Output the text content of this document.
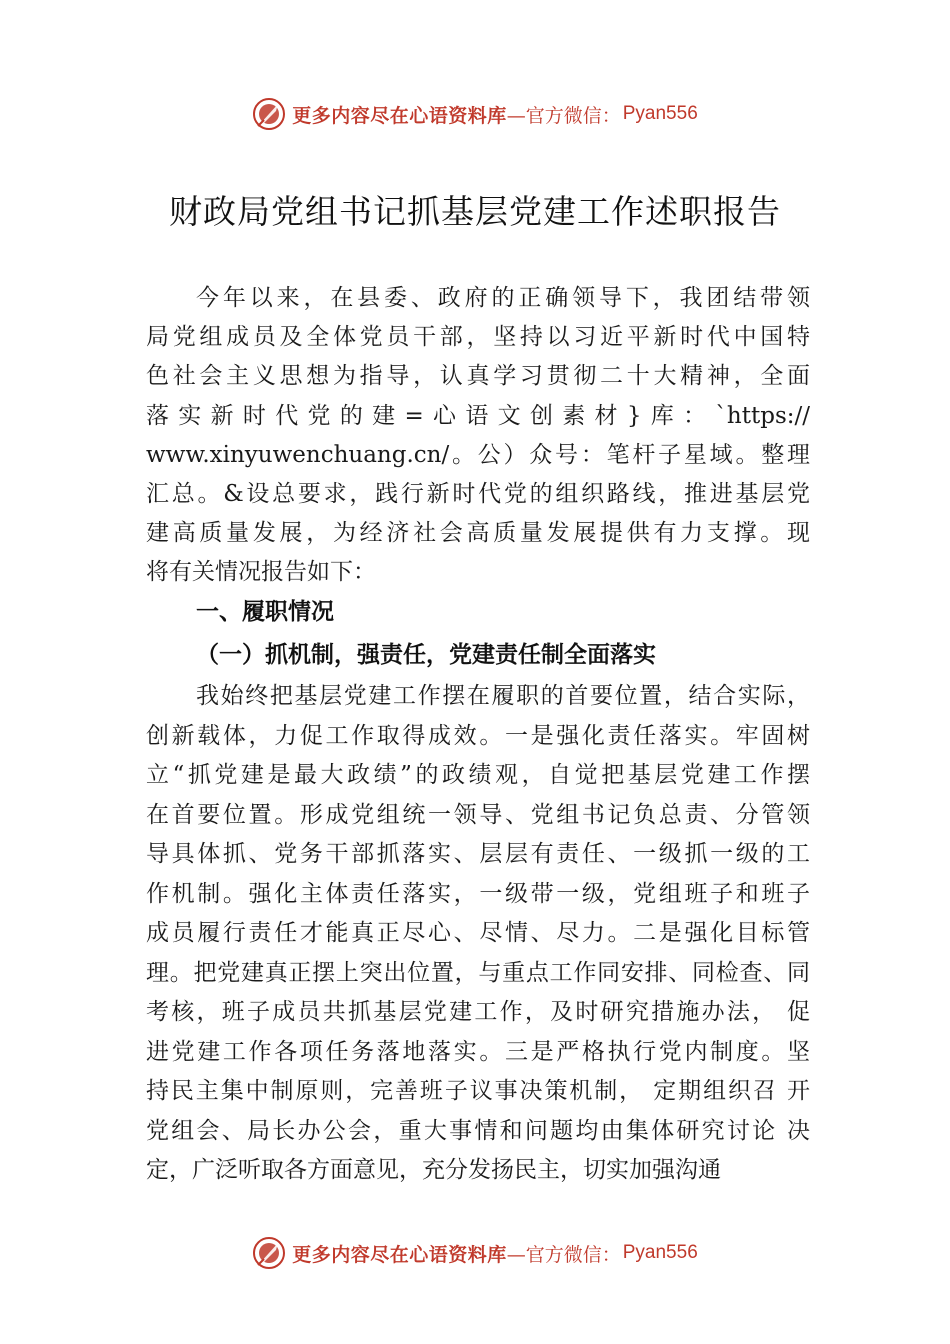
更多内容尽在心语资料库 —官方微信： Pyan556
财政局党组书记抓基层党建工作述职报告
今年以来，在县委、政府的正确领导下，我团结带领
局党组成员及全体党员干部，坚持以习近平新时代中国特
色社会主义思想为指导，认真学习贯彻二十大精神，全面
落实新时代党的建=心语文创素材}库：`https://
www.xinyuwenchuang.cn/。公）众号：笔杆子星域。整理
汇总。&设总要求，践行新时代党的组织路线，推进基层党
建高质量发展，为经济社会高质量发展提供有力支撑。现
将有关情况报告如下：
一、履职情况
（一）抓机制，强责任，党建责任制全面落实
我始终把基层党建工作摆在履职的首要位置，结合实际，
创新载体，力促工作取得成效。一是强化责任落实。牢固树
立“抓党建是最大政绩”的政绩观，自觉把基层党建工作摆
在首要位置。形成党组统一领导、党组书记负总责、分管领
导具体抓、党务干部抓落实、层层有责任、一级抓一级的工
作机制。强化主体责任落实，一级带一级，党组班子和班子
成员履行责任才能真正尽心、尽情、尽力。二是强化目标管
理。把党建真正摆上突出位置，与重点工作同安排、同检查、同
考核，班子成员共抓基层党建工作，及时研究措施办法， 促
进党建工作各项任务落地落实。三是严格执行党内制度。坚
持民主集中制原则，完善班子议事决策机制， 定期组织召 开
党组会、局长办公会，重大事情和问题均由集体研究讨论 决
定，广泛听取各方面意见，充分发扬民主，切实加强沟通
更多内容尽在心语资料库 —官方微信： Pyan556
